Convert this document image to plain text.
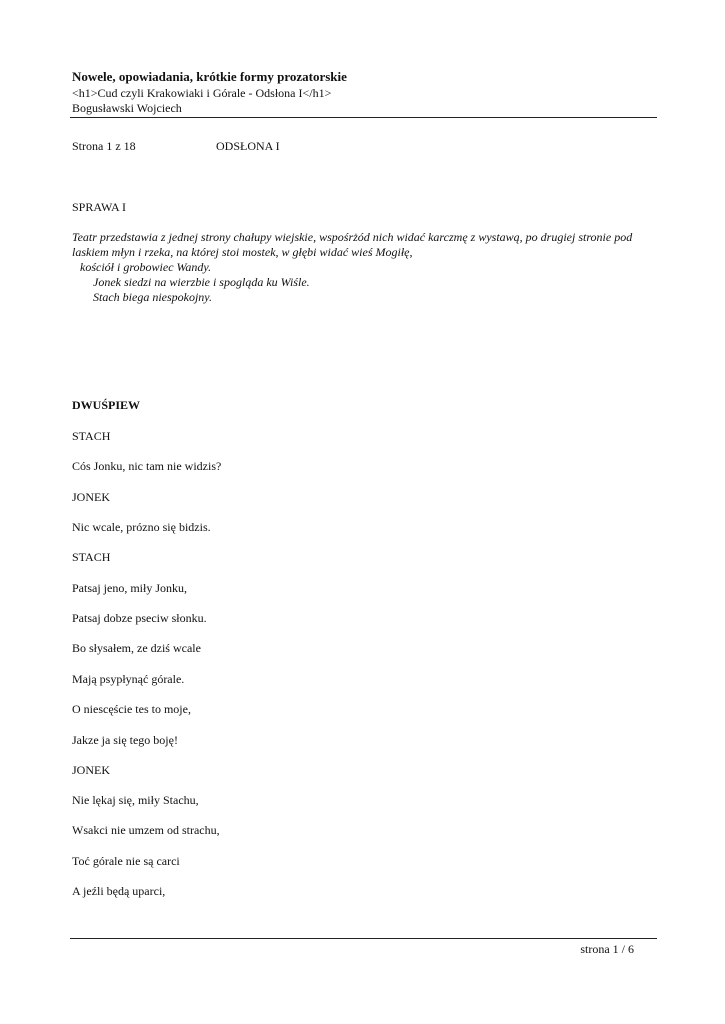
Nowele, opowiadania, krótkie formy prozatorskie
<h1>Cud czyli Krakowiaki i Górale - Odsłona I</h1>
Bogusławski Wojciech
Strona 1 z 18	ODSŁONA I
SPRAWA I
Teatr przedstawia z jednej strony chałupy wiejskie, wspośrżód nich widać karczmę z wystawą, po drugiej stronie pod
laskiem młyn i rzeka, na której stoi mostek, w głębi widać wieś Mogiłę,
kościół i grobowiec Wandy.
Jonek siedzi na wierzbie i spogląda ku Wiśle.
Stach biega niespokojny.
DWUŚPIEW
STACH
Cós Jonku, nic tam nie widzis?
JONEK
Nic wcale, prózno się bidzis.
STACH
Patsaj jeno, miły Jonku,
Patsaj dobze pseciw słonku.
Bo słysałem, ze dziś wcale
Mają psypłynąć górale.
O niescęście tes to moje,
Jakze ja się tego boję!
JONEK
Nie lękaj się, miły Stachu,
Wsakci nie umzem od strachu,
Toć górale nie są carci
A jeźli będą uparci,
strona 1 / 6
